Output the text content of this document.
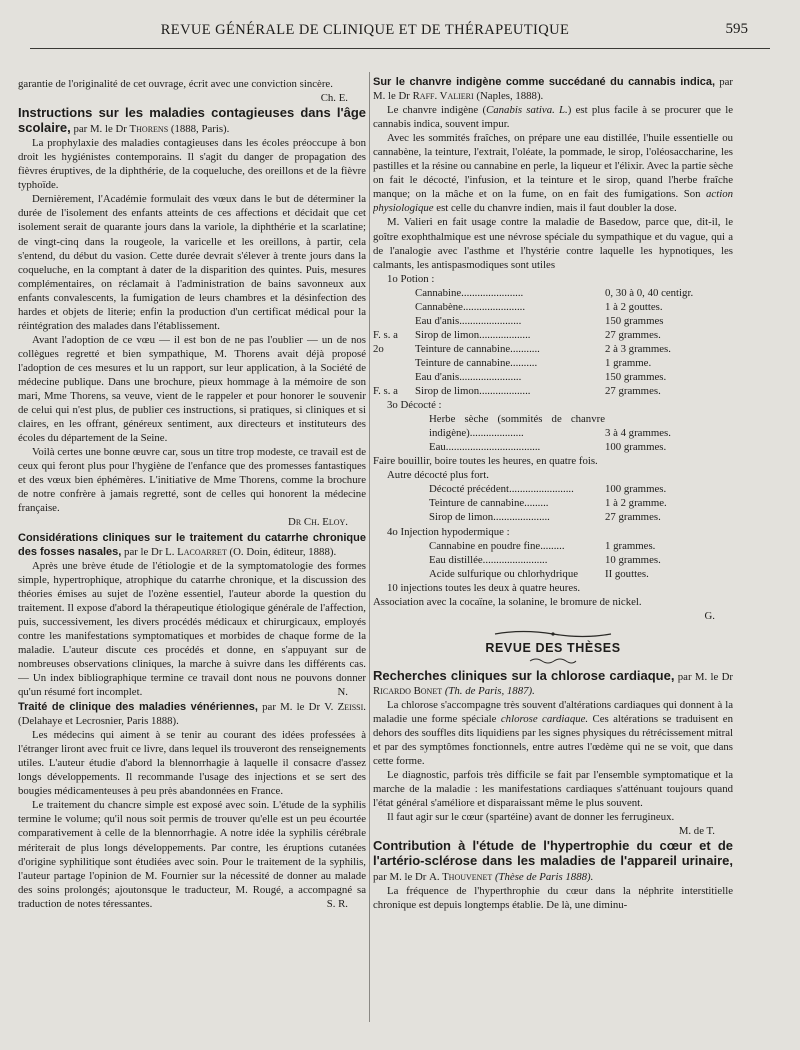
REVUE GÉNÉRALE DE CLINIQUE ET DE THÉRAPEUTIQUE	595

garantie de l'originalité de cet ouvrage, écrit avec une conviction sincère.
Ch. E.

Instructions sur les maladies contagieuses dans l'âge scolaire, par M. le Dr Thorens (1888, Paris).

La prophylaxie des maladies contagieuses dans les écoles préoccupe à bon droit les hygiénistes contemporains. Il s'agit du danger de propagation des fièvres éruptives, de la diphthérie, de la coqueluche, des oreillons et de la fièvre typhoïde.

Dernièrement, l'Académie formulait des vœux dans le but de déterminer la durée de l'isolement des enfants atteints de ces affections et décidait que cet isolement serait de quarante jours dans la variole, la diphthérie et la scarlatine; de vingt-cinq dans la rougeole, la varicelle et les oreillons, à partir, cela s'entend, du début du vasion. Cette durée devrait s'élever à trente jours dans la coqueluche, en la comptant à dater de la disparition des quintes. Puis, mesures complémentaires, on réclamait à l'administration de bains savonneux aux enfants convalescents, la fumigation de leurs chambres et la désinfection des hardes et objets de literie; enfin la production d'un certificat médical pour la réintégration des malades dans l'établissement.

Avant l'adoption de ce vœu — il est bon de ne pas l'oublier — un de nos collègues regretté et bien sympathique, M. Thorens avait déjà proposé l'adoption de ces mesures et lu un rapport, sur leur application, à la Société de médecine publique. Dans une brochure, pieux hommage à la mémoire de son mari, Mme Thorens, sa veuve, vient de le rappeler et pour honorer le souvenir de celui qui n'est plus, de publier ces instructions, si pratiques, si cliniques et si claires, en les offrant, généreux sentiment, aux directeurs et instituteurs des écoles du département de la Seine.

Voilà certes une bonne œuvre car, sous un titre trop modeste, ce travail est de ceux qui feront plus pour l'hygiène de l'enfance que des promesses fantastiques et des vœux bien éphémères. L'initiative de Mme Thorens, comme la brochure de notre confrère à jamais regretté, sont de celles qui honorent la médecine française.

Dr Ch. Eloy.

Considérations cliniques sur le traitement du catarrhe chronique des fosses nasales, par le Dr L. Lacoarret (O. Doin, éditeur, 1888).

Après une brève étude de l'étiologie et de la symptomatologie des formes simple, hypertrophique, atrophique du catarrhe chronique, et la discussion des théories émises au sujet de l'ozène essentiel, l'auteur aborde la question du traitement. Il expose d'abord la thérapeutique étiologique générale de l'affection, puis, successivement, les divers procédés médicaux et chirurgicaux, employés contre les manifestations symptomatiques et morbides de chaque forme de la maladie. L'auteur discute ces procédés et donne, en s'appuyant sur de nombreuses observations cliniques, la marche à suivre dans les différents cas. — Un index bibliographique termine ce travail dont nous ne pouvons donner qu'un résumé fort incomplet.	N.

Traité de clinique des maladies vénériennes, par M. le Dr V. Zeissi. (Delahaye et Lecrosnier, Paris 1888).

Les médecins qui aiment à se tenir au courant des idées professées à l'étranger liront avec fruit ce livre, dans lequel ils trouveront des renseignements utiles. L'auteur étudie d'abord la blennorrhagie à laquelle il consacre d'assez longs développements. Il recommande l'usage des injections et se sert des bougies médicamenteuses à peu près abandonnées en France.

Le traitement du chancre simple est exposé avec soin. L'étude de la syphilis termine le volume; qu'il nous soit permis de trouver qu'elle est un peu écourtée comparativement à celle de la blennorrhagie. A notre idée la syphilis cérébrale mériterait de plus longs développements. Par contre, les éruptions cutanées d'origine syphilitique sont étudiées avec soin. Pour le traitement de la syphilis, l'auteur partage l'opinion de M. Fournier sur la nécessité de donner au malade des soins prolongés; ajoutonsque le traducteur, M. Rougé, a accompagné sa traduction de notes téressantes.	S. R.

Sur le chanvre indigène comme succédané du cannabis indica, par M. le Dr Raff. Valieri (Naples, 1888).

Le chanvre indigène (Canabis sativa. L.) est plus facile à se procurer que le cannabis indica, souvent impur.

Avec les sommités fraîches, on prépare une eau distillée, l'huile essentielle ou cannabène, la teinture, l'extrait, l'oléate, la pommade, le sirop, l'oléosaccharine, les pastilles et la résine ou cannabine en perle, la liqueur et l'élixir. Avec la partie sèche on fait le décocté, l'infusion, et la teinture et le sirop, quand l'herbe fraîche manque; on la mâche et on la fume, on en fait des fumigations. Son action physiologique est celle du chanvre indien, mais il faut doubler la dose.

M. Valieri en fait usage contre la maladie de Basedow, parce que, dit-il, le goître exophthalmique est une névrose spéciale du sympathique et du vague, qui a de l'analogie avec l'asthme et l'hystérie contre laquelle les hypnotiques, les calmants, les antispasmodiques sont utiles

1o Potion :

Cannabine.......................	0, 30 à 0, 40 centigr.
Cannabène.......................	1 à 2 gouttes.
Eau d'anis.......................	150 grammes
F. s. a	Sirop de limon...................	27 grammes.
2o	Teinture de cannabine...........	2 à 3 grammes.
Teinture de cannabine..........	1 gramme.
Eau d'anis.......................	150 grammes.
F. s. a	Sirop de limon...................	27 grammes.

3o Décocté :

Herbe sèche (sommités de chanvre indigène)....................	3 à 4 grammes.
Eau...................................	100 grammes.

Faire bouillir, boire toutes les heures, en quatre fois.

Autre décocté plus fort.

Décocté précédent........................	100 grammes.
Teinture de cannabine.........	1 à 2 gramme.
Sirop de limon.....................	27 grammes.

4o Injection hypodermique :

Cannabine en poudre fine.........	1 grammes.
Eau distillée........................	10 grammes.
Acide sulfurique ou chlorhydrique	II gouttes.

10 injections toutes les deux à quatre heures.

Association avec la cocaïne, la solanine, le bromure de nickel.

G.

REVUE DES THÈSES

Recherches cliniques sur la chlorose cardiaque, par M. le Dr Ricardo Bonet (Th. de Paris, 1887).

La chlorose s'accompagne très souvent d'altérations cardiaques qui donnent à la maladie une forme spéciale chlorose cardiaque. Ces altérations se traduisent en dehors des souffles dits liquidiens par les signes physiques du rétrécissement mitral et par des symptômes fonctionnels, entre autres l'œdème qui ne se voit, que dans cette forme.

Le diagnostic, parfois très difficile se fait par l'ensemble symptomatique et la marche de la maladie : les manifestations cardiaques s'atténuant toujours quand l'état général s'améliore et disparaissant même le plus souvent.

Il faut agir sur le cœur (spartéine) avant de donner les ferrugineux.

M. de T.

Contribution à l'étude de l'hypertrophie du cœur et de l'artério-sclérose dans les maladies de l'appareil urinaire, par M. le Dr A. Thouvenet (Thèse de Paris 1888).

La fréquence de l'hyperthrophie du cœur dans la néphrite interstitielle chronique est depuis longtemps établie. De là, une diminu-
